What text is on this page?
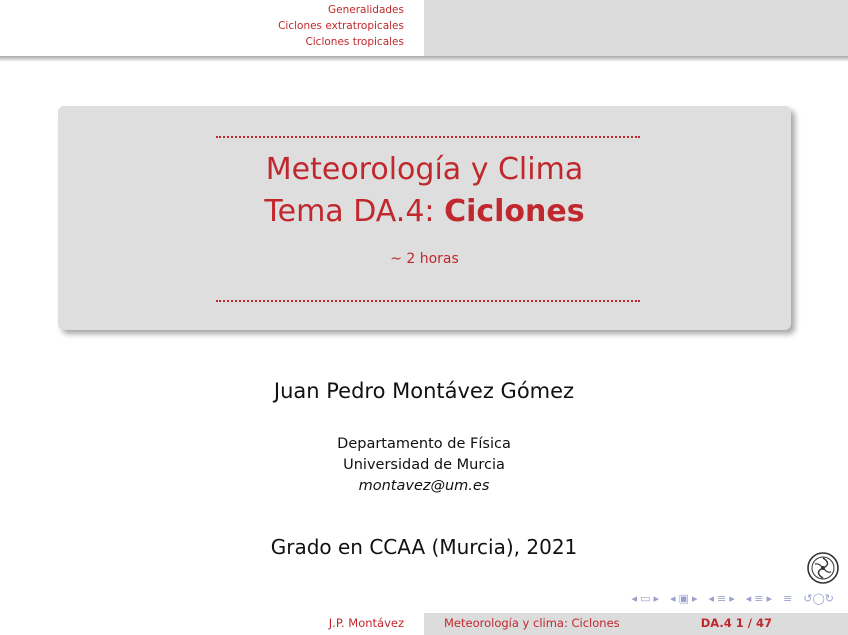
Generalidades
Ciclones extratropicales
Ciclones tropicales
Meteorología y Clima
Tema DA.4: Ciclones
~ 2 horas
Juan Pedro Montávez Gómez
Departamento de Física
Universidad de Murcia
montavez@um.es
Grado en CCAA (Murcia), 2021
◂ ▭ ▸ ◂ ▣ ▸ ◂ ≡ ▸ ◂ ≡ ▸ ≡ ↺◯↻
J.P. Montávez	Meteorología y clima: Ciclones	DA.4 1 / 47
